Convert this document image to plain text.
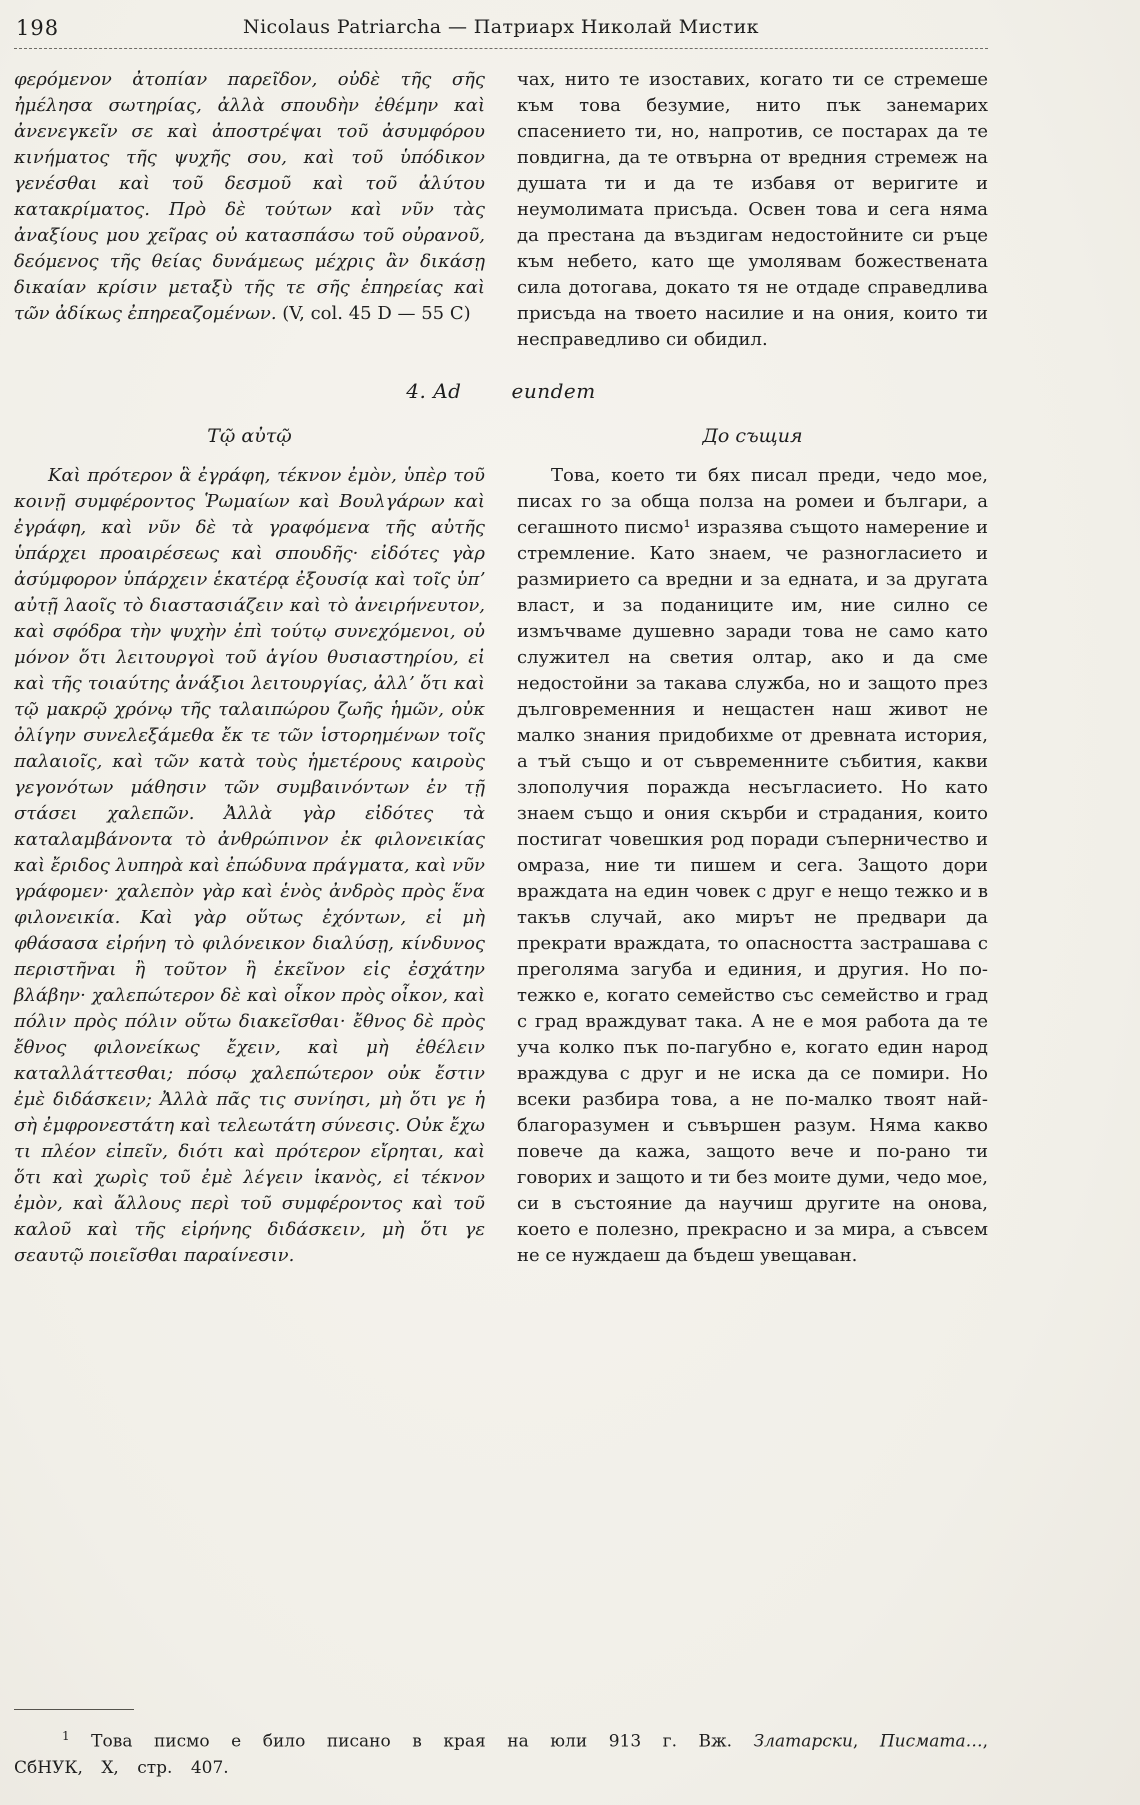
198	Nicolaus Patriarcha — Патриарх Николай Мистик

φερόμενον ἀτοπίαν παρεῖδον, οὐδὲ τῆς σῆς ἠμέλησα σωτηρίας, ἀλλὰ σπουδὴν ἐθέμην καὶ ἀνενεγκεῖν σε καὶ ἀποστρέψαι τοῦ ἀσυμφόρου κινήματος τῆς ψυχῆς σου, καὶ τοῦ ὑπόδικον γενέσθαι καὶ τοῦ δεσμοῦ καὶ τοῦ ἀλύτου κατακρίματος. Πρὸ δὲ τούτων καὶ νῦν τὰς ἀναξίους μου χεῖρας οὐ κατασπάσω τοῦ οὐρανοῦ, δεόμενος τῆς θείας δυνάμεως μέχρις ἂν δικάσῃ δικαίαν κρίσιν μεταξὺ τῆς τε σῆς ἐπηρείας καὶ τῶν ἀδίκως ἐπηρεαζομένων. (V, col. 45 D — 55 C)

чах, нито те изоставих, когато ти се стремеше към това безумие, нито пък занемарих спасението ти, но, напротив, се постарах да те повдигна, да те отвърна от вредния стремеж на душата ти и да те избавя от веригите и неумолимата присъда. Освен това и сега няма да престана да въздигам недостойните си ръце към небето, като ще умолявам божествената сила дотогава, докато тя не отдаде справедлива присъда на твоето насилие и на ония, които ти несправедливо си обидил.

4. Ad	eundem

Τῷ αὐτῷ	До същия

Καὶ πρότερον ἃ ἐγράφη, τέκνον ἐμὸν, ὑπὲρ τοῦ κοινῇ συμφέροντος Ῥωμαίων καὶ Βουλγάρων καὶ ἐγράφη, καὶ νῦν δὲ τὰ γραφόμενα τῆς αὐτῆς ὑπάρχει προαιρέσεως καὶ σπουδῆς· εἰδότες γὰρ ἀσύμφορον ὑπάρχειν ἑκατέρᾳ ἐξουσίᾳ καὶ τοῖς ὑπʼ αὐτῇ λαοῖς τὸ διαστασιάζειν καὶ τὸ ἀνειρήνευτον, καὶ σφόδρα τὴν ψυχὴν ἐπὶ τούτῳ συνεχόμενοι, οὐ μόνον ὅτι λειτουργοὶ τοῦ ἁγίου θυσιαστηρίου, εἰ καὶ τῆς τοιαύτης ἀνάξιοι λειτουργίας, ἀλλʼ ὅτι καὶ τῷ μακρῷ χρόνῳ τῆς ταλαιπώρου ζωῆς ἡμῶν, οὐκ ὀλίγην συνελεξάμεθα ἔκ τε τῶν ἱστορημένων τοῖς παλαιοῖς, καὶ τῶν κατὰ τοὺς ἡμετέρους καιροὺς γεγονότων μάθησιν τῶν συμβαινόντων ἐν τῇ στάσει χαλεπῶν. Ἀλλὰ γὰρ εἰδότες τὰ καταλαμβάνοντα τὸ ἀνθρώπινον ἐκ φιλονεικίας καὶ ἔριδος λυπηρὰ καὶ ἐπώδυνα πράγματα, καὶ νῦν γράφομεν· χαλεπὸν γὰρ καὶ ἑνὸς ἀνδρὸς πρὸς ἕνα φιλονεικία. Καὶ γὰρ οὕτως ἐχόντων, εἰ μὴ φθάσασα εἰρήνη τὸ φιλόνεικον διαλύσῃ, κίνδυνος περιστῆναι ἢ τοῦτον ἢ ἐκεῖνον εἰς ἐσχάτην βλάβην· χαλεπώτερον δὲ καὶ οἶκον πρὸς οἶκον, καὶ πόλιν πρὸς πόλιν οὕτω διακεῖσθαι· ἔθνος δὲ πρὸς ἔθνος φιλονείκως ἔχειν, καὶ μὴ ἐθέλειν καταλλάττεσθαι; πόσῳ χαλεπώτερον οὐκ ἔστιν ἐμὲ διδάσκειν; Ἀλλὰ πᾶς τις συνίησι, μὴ ὅτι γε ἡ σὴ ἐμφρονεστάτη καὶ τελεωτάτη σύνεσις. Οὐκ ἔχω τι πλέον εἰπεῖν, διότι καὶ πρότερον εἴρηται, καὶ ὅτι καὶ χωρὶς τοῦ ἐμὲ λέγειν ἱκανὸς, εἰ τέκνον ἐμὸν, καὶ ἄλλους περὶ τοῦ συμφέροντος καὶ τοῦ καλοῦ καὶ τῆς εἰρήνης διδάσκειν, μὴ ὅτι γε σεαυτῷ ποιεῖσθαι παραίνεσιν.

Това, което ти бях писал преди, чедо мое, писах го за обща полза на ромеи и българи, а сегашното писмо¹ изразява същото намерение и стремление. Като знаем, че разногласието и размирието са вредни и за едната, и за другата власт, и за поданиците им, ние силно се измъчваме душевно заради това не само като служител на светия олтар, ако и да сме недостойни за такава служба, но и защото през дълговременния и нещастен наш живот не малко знания придобихме от древната история, а тъй също и от съвременните събития, какви злополучия поражда несъгласието. Но като знаем също и ония скърби и страдания, които постигат човешкия род поради съперничество и омраза, ние ти пишем и сега. Защото дори враждата на един човек с друг е нещо тежко и в такъв случай, ако мирът не предвари да прекрати враждата, то опасността застрашава с преголяма загуба и единия, и другия. Но по-тежко е, когато семейство със семейство и град с град враждуват така. А не е моя работа да те уча колко пък по-пагубно е, когато един народ враждува с друг и не иска да се помири. Но всеки разбира това, а не по-малко твоят най-благоразумен и съвършен разум. Няма какво повече да кажа, защото вече и по-рано ти говорих и защото и ти без моите думи, чедо мое, си в състояние да научиш другите на онова, което е полезно, прекрасно и за мира, а съвсем не се нуждаеш да бъдеш увещаван.

$^1$ Това писмо е било писано в края на юли 913 г. Вж. Златарски, Писмата…, СбНУК, X, стр. 407.
